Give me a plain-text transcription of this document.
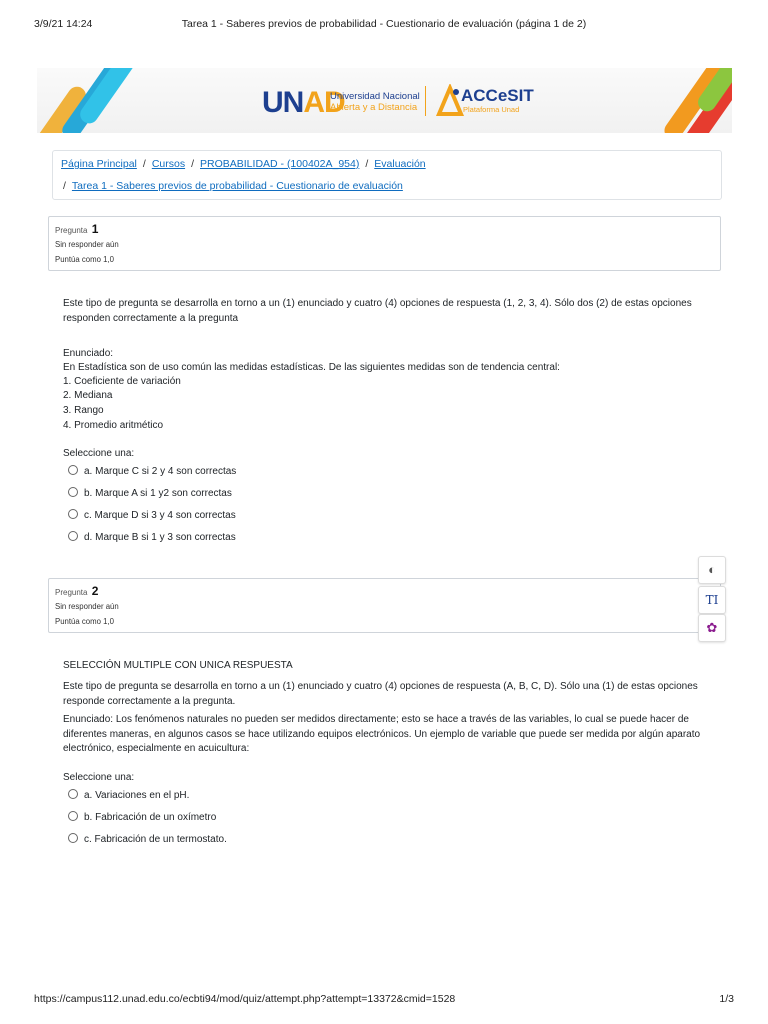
3/9/21 14:24	Tarea 1 - Saberes previos de probabilidad - Cuestionario de evaluación (página 1 de 2)
UNAD
Universidad Nacional
Abierta y a Distancia
ACCeSIT
Plataforma Unad
Página Principal / Cursos / PROBABILIDAD - (100402A_954) / Evaluación
/ Tarea 1 - Saberes previos de probabilidad - Cuestionario de evaluación
Pregunta 1
Sin responder aún
Puntúa como 1,0
Este tipo de pregunta se desarrolla en torno a un (1) enunciado y cuatro (4) opciones de respuesta (1, 2, 3, 4). Sólo dos (2) de estas opciones responden correctamente a la pregunta
Enunciado:
En Estadística son de uso común las medidas estadísticas. De las siguientes medidas son de tendencia central:
1. Coeficiente de variación
2. Mediana
3. Rango
4. Promedio aritmético
Seleccione una:
a. Marque C si 2 y 4 son correctas
b. Marque A si 1 y2 son correctas
c. Marque D si 3 y 4 son correctas
d. Marque B si 1 y 3 son correctas
Pregunta 2
Sin responder aún
Puntúa como 1,0
◐
TI
✿
SELECCIÓN MULTIPLE CON UNICA RESPUESTA
Este tipo de pregunta se desarrolla en torno a un (1) enunciado y cuatro (4) opciones de respuesta (A, B, C, D). Sólo una (1) de estas opciones responde correctamente a la pregunta.
Enunciado: Los fenómenos naturales no pueden ser medidos directamente; esto se hace a través de las variables, lo cual se puede hacer de diferentes maneras, en algunos casos se hace utilizando equipos electrónicos. Un ejemplo de variable que puede ser medida por algún aparato electrónico, especialmente en acuicultura:
Seleccione una:
a. Variaciones en el pH.
b. Fabricación de un oxímetro
c. Fabricación de un termostato.
https://campus112.unad.edu.co/ecbti94/mod/quiz/attempt.php?attempt=13372&cmid=1528	1/3
